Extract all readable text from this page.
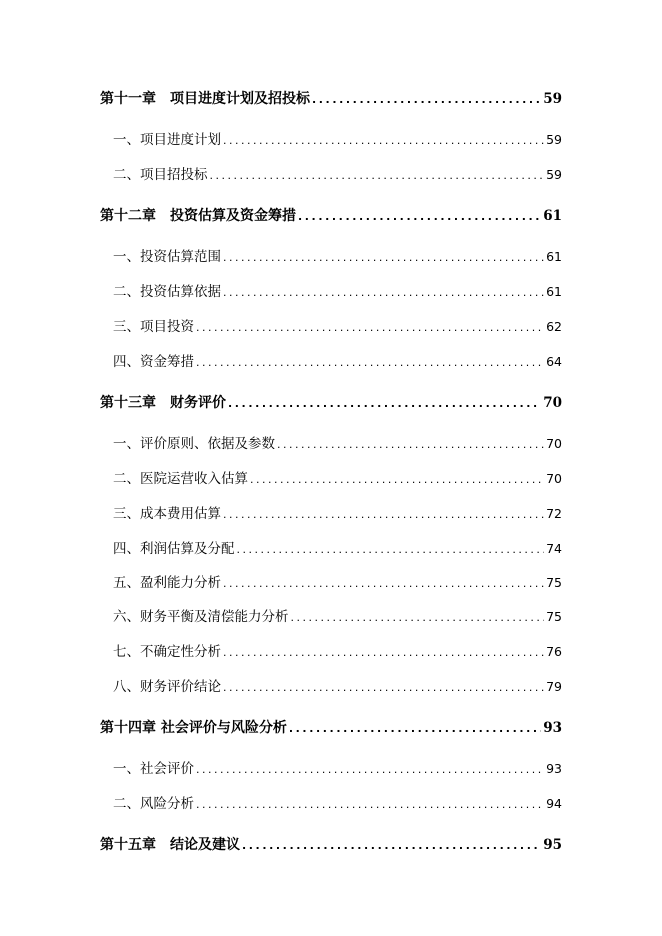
第十一章　项目进度计划及招投标 .....	59
一、项目进度计划 .....	59
二、项目招投标 .....	59
第十二章　投资估算及资金筹措 .....	61
一、投资估算范围 .....	61
二、投资估算依据 .....	61
三、项目投资 .....	62
四、资金筹措 .....	64
第十三章　财务评价 .....	70
一、评价原则、依据及参数 .....	70
二、医院运营收入估算 .....	70
三、成本费用估算 .....	72
四、利润估算及分配 .....	74
五、盈利能力分析 .....	75
六、财务平衡及清偿能力分析 .....	75
七、不确定性分析 .....	76
八、财务评价结论 .....	79
第十四章 社会评价与风险分析 .....	93
一、社会评价 .....	93
二、风险分析 .....	94
第十五章　结论及建议 .....	95
